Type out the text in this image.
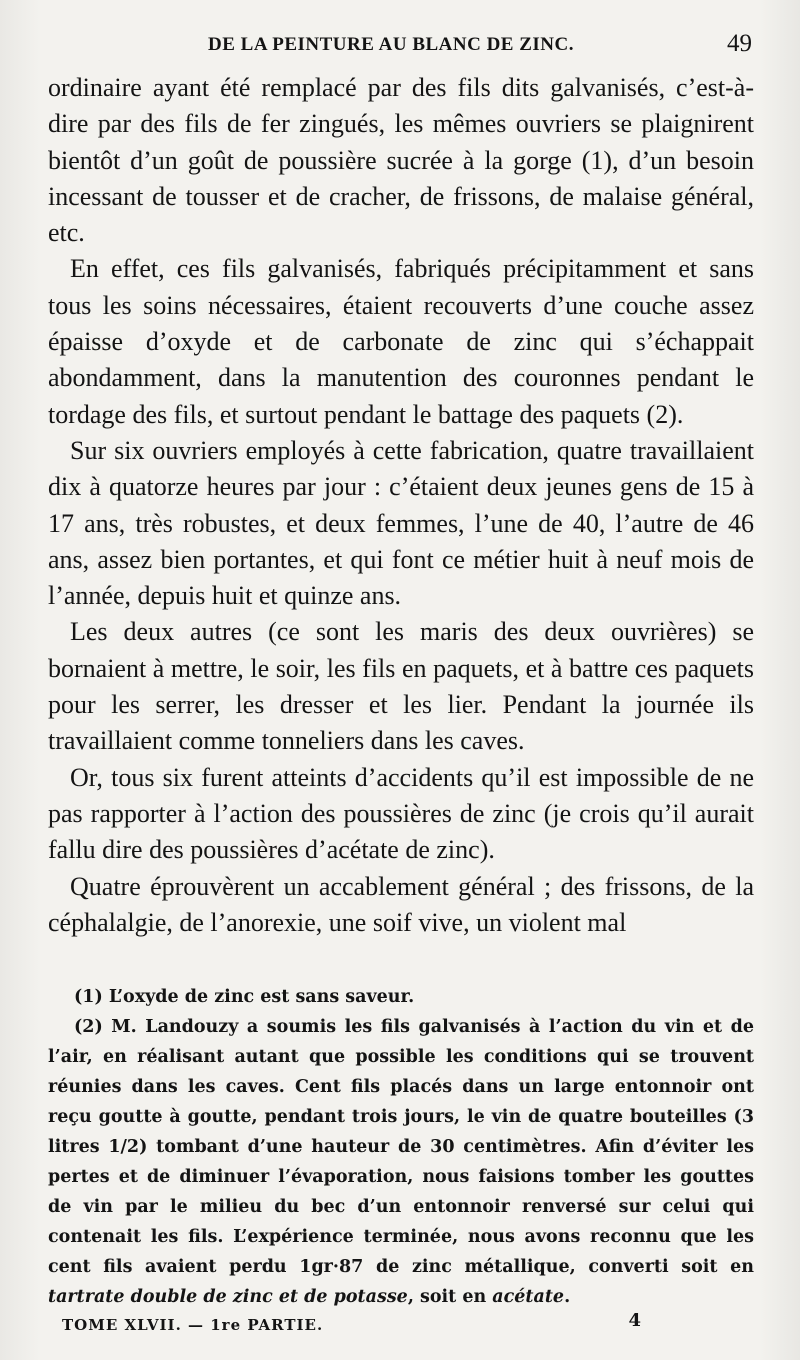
DE LA PEINTURE AU BLANC DE ZINC.	49

ordinaire ayant été remplacé par des fils dits galvanisés, c’est-à-dire par des fils de fer zingués, les mêmes ouvriers se plaignirent bientôt d’un goût de poussière sucrée à la gorge (1), d’un besoin incessant de tousser et de cracher, de frissons, de malaise général, etc.

En effet, ces fils galvanisés, fabriqués précipitamment et sans tous les soins nécessaires, étaient recouverts d’une couche assez épaisse d’oxyde et de carbonate de zinc qui s’échappait abondamment, dans la manutention des couronnes pendant le tordage des fils, et surtout pendant le battage des paquets (2).

Sur six ouvriers employés à cette fabrication, quatre travaillaient dix à quatorze heures par jour : c’étaient deux jeunes gens de 15 à 17 ans, très robustes, et deux femmes, l’une de 40, l’autre de 46 ans, assez bien portantes, et qui font ce métier huit à neuf mois de l’année, depuis huit et quinze ans.

Les deux autres (ce sont les maris des deux ouvrières) se bornaient à mettre, le soir, les fils en paquets, et à battre ces paquets pour les serrer, les dresser et les lier. Pendant la journée ils travaillaient comme tonneliers dans les caves.

Or, tous six furent atteints d’accidents qu’il est impossible de ne pas rapporter à l’action des poussières de zinc (je crois qu’il aurait fallu dire des poussières d’acétate de zinc).

Quatre éprouvèrent un accablement général ; des frissons, de la céphalalgie, de l’anorexie, une soif vive, un violent mal

(1) L’oxyde de zinc est sans saveur.

(2) M. Landouzy a soumis les fils galvanisés à l’action du vin et de l’air, en réalisant autant que possible les conditions qui se trouvent réunies dans les caves. Cent fils placés dans un large entonnoir ont reçu goutte à goutte, pendant trois jours, le vin de quatre bouteilles (3 litres 1/2) tombant d’une hauteur de 30 centimètres. Afin d’éviter les pertes et de diminuer l’évaporation, nous faisions tomber les gouttes de vin par le milieu du bec d’un entonnoir renversé sur celui qui contenait les fils. L’expérience terminée, nous avons reconnu que les cent fils avaient perdu 1gr·87 de zinc métallique, converti soit en tartrate double de zinc et de potasse, soit en acétate.

TOME XLVII. — 1re PARTIE.	4
